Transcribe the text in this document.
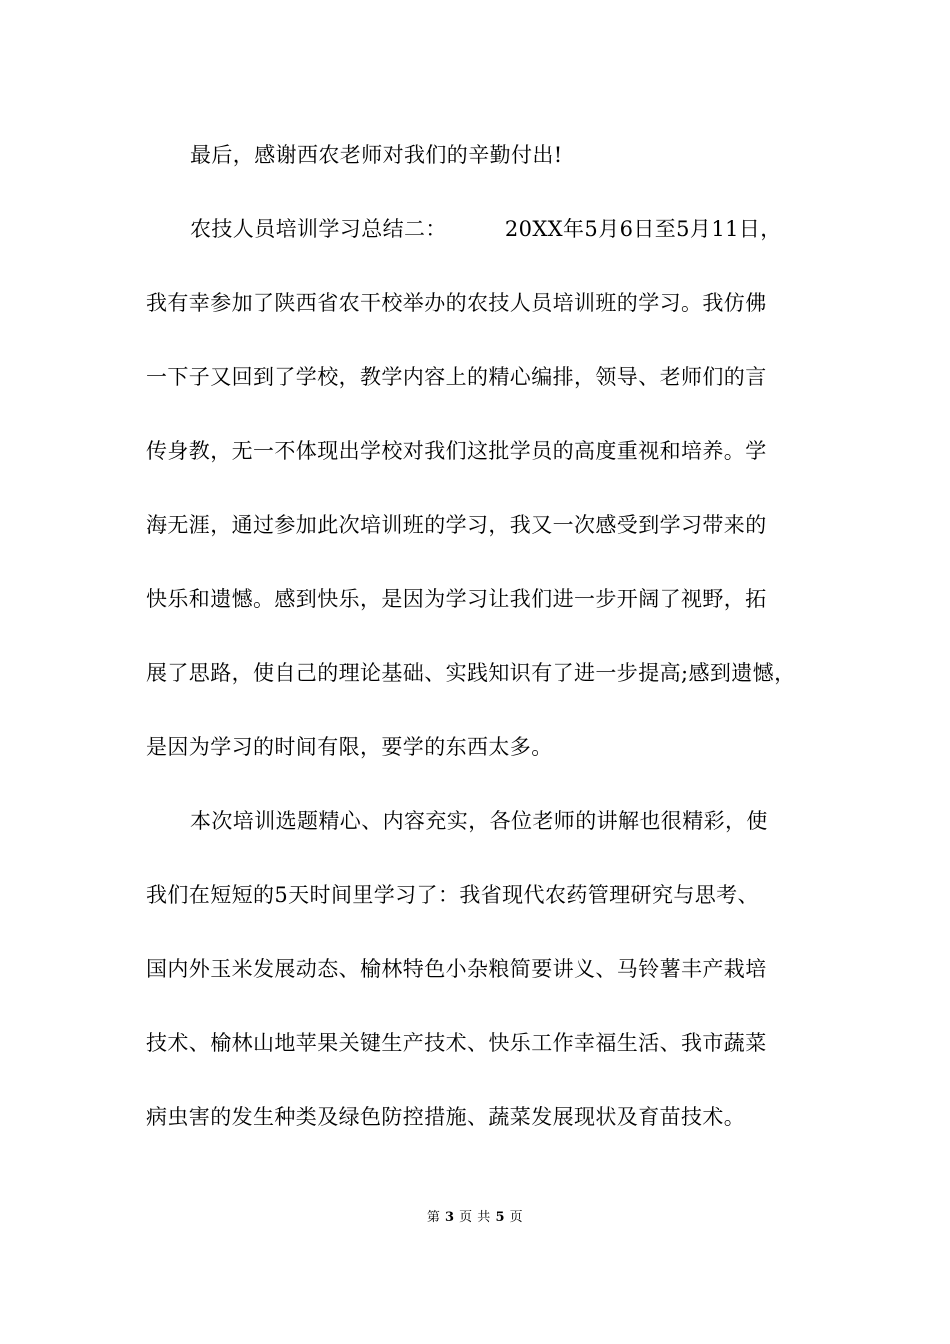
最后，感谢西农老师对我们的辛勤付出!
农技人员培训学习总结二：	20XX年5月6日至5月11日，
我有幸参加了陕西省农干校举办的农技人员培训班的学习。我仿佛
一下子又回到了学校，教学内容上的精心编排，领导、老师们的言
传身教，无一不体现出学校对我们这批学员的高度重视和培养。学
海无涯，通过参加此次培训班的学习，我又一次感受到学习带来的
快乐和遗憾。感到快乐，是因为学习让我们进一步开阔了视野，拓
展了思路，使自己的理论基础、实践知识有了进一步提高;感到遗憾，
是因为学习的时间有限，要学的东西太多。
本次培训选题精心、内容充实，各位老师的讲解也很精彩，使
我们在短短的5天时间里学习了：我省现代农药管理研究与思考、
国内外玉米发展动态、榆林特色小杂粮简要讲义、马铃薯丰产栽培
技术、榆林山地苹果关键生产技术、快乐工作幸福生活、我市蔬菜
病虫害的发生种类及绿色防控措施、蔬菜发展现状及育苗技术。
第 3 页 共 5 页
